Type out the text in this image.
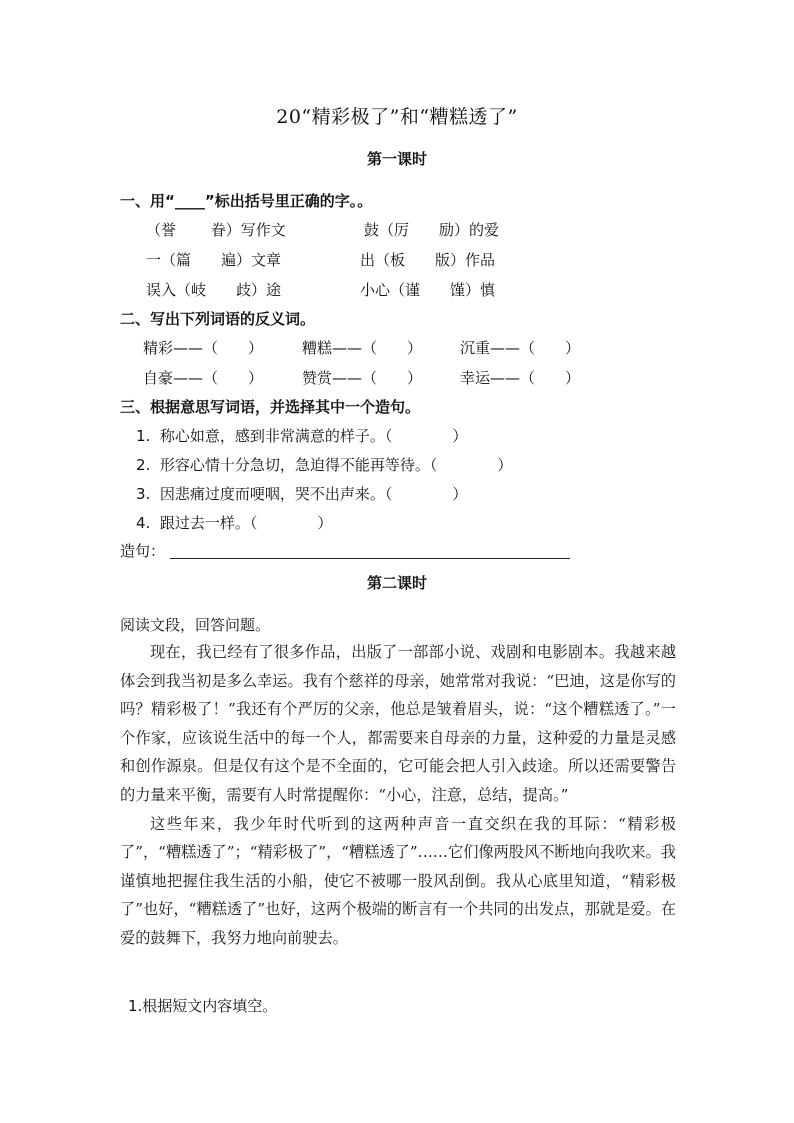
20“精彩极了”和“糟糕透了”
第一课时
一、用“____”标出括号里正确的字。。
（誉　　 眷）写作文	鼓（厉　　励）的爱
一（篇　　遍）文章	出（板　　版）作品
误入（岐　　歧）途	小心（谨　　馑）慎
二、写出下列词语的反义词。
精彩——（　　）	糟糕——（　　）	沉重——（　　）
自豪——（　　）	赞赏——（　　）	幸运——（　　）
三、根据意思写词语，并选择其中一个造句。
1.  称心如意，感到非常满意的样子。（　　　　）
2.  形容心情十分急切，急迫得不能再等待。（　　　　）
3.  因悲痛过度而哽咽，哭不出声来。（　　　　）
4.  跟过去一样。（　　　　）
造句：
第二课时
阅读文段，回答问题。

现在，我已经有了很多作品，出版了一部部小说、戏剧和电影剧本。我越来越体会到我当初是多么幸运。我有个慈祥的母亲，她常常对我说：“巴迪，这是你写的吗？精彩极了！”我还有个严厉的父亲，他总是皱着眉头，说：“这个糟糕透了。”一个作家，应该说生活中的每一个人，都需要来自母亲的力量，这种爱的力量是灵感和创作源泉。但是仅有这个是不全面的，它可能会把人引入歧途。所以还需要警告的力量来平衡，需要有人时常提醒你：“小心，注意，总结，提高。”

这些年来，我少年时代听到的这两种声音一直交织在我的耳际：“精彩极了”，“糟糕透了”；“精彩极了”，“糟糕透了”……它们像两股风不断地向我吹来。我谨慎地把握住我生活的小船，使它不被哪一股风刮倒。我从心底里知道，“精彩极了”也好，“糟糕透了”也好，这两个极端的断言有一个共同的出发点，那就是爱。在爱的鼓舞下，我努力地向前驶去。

1.根据短文内容填空。
